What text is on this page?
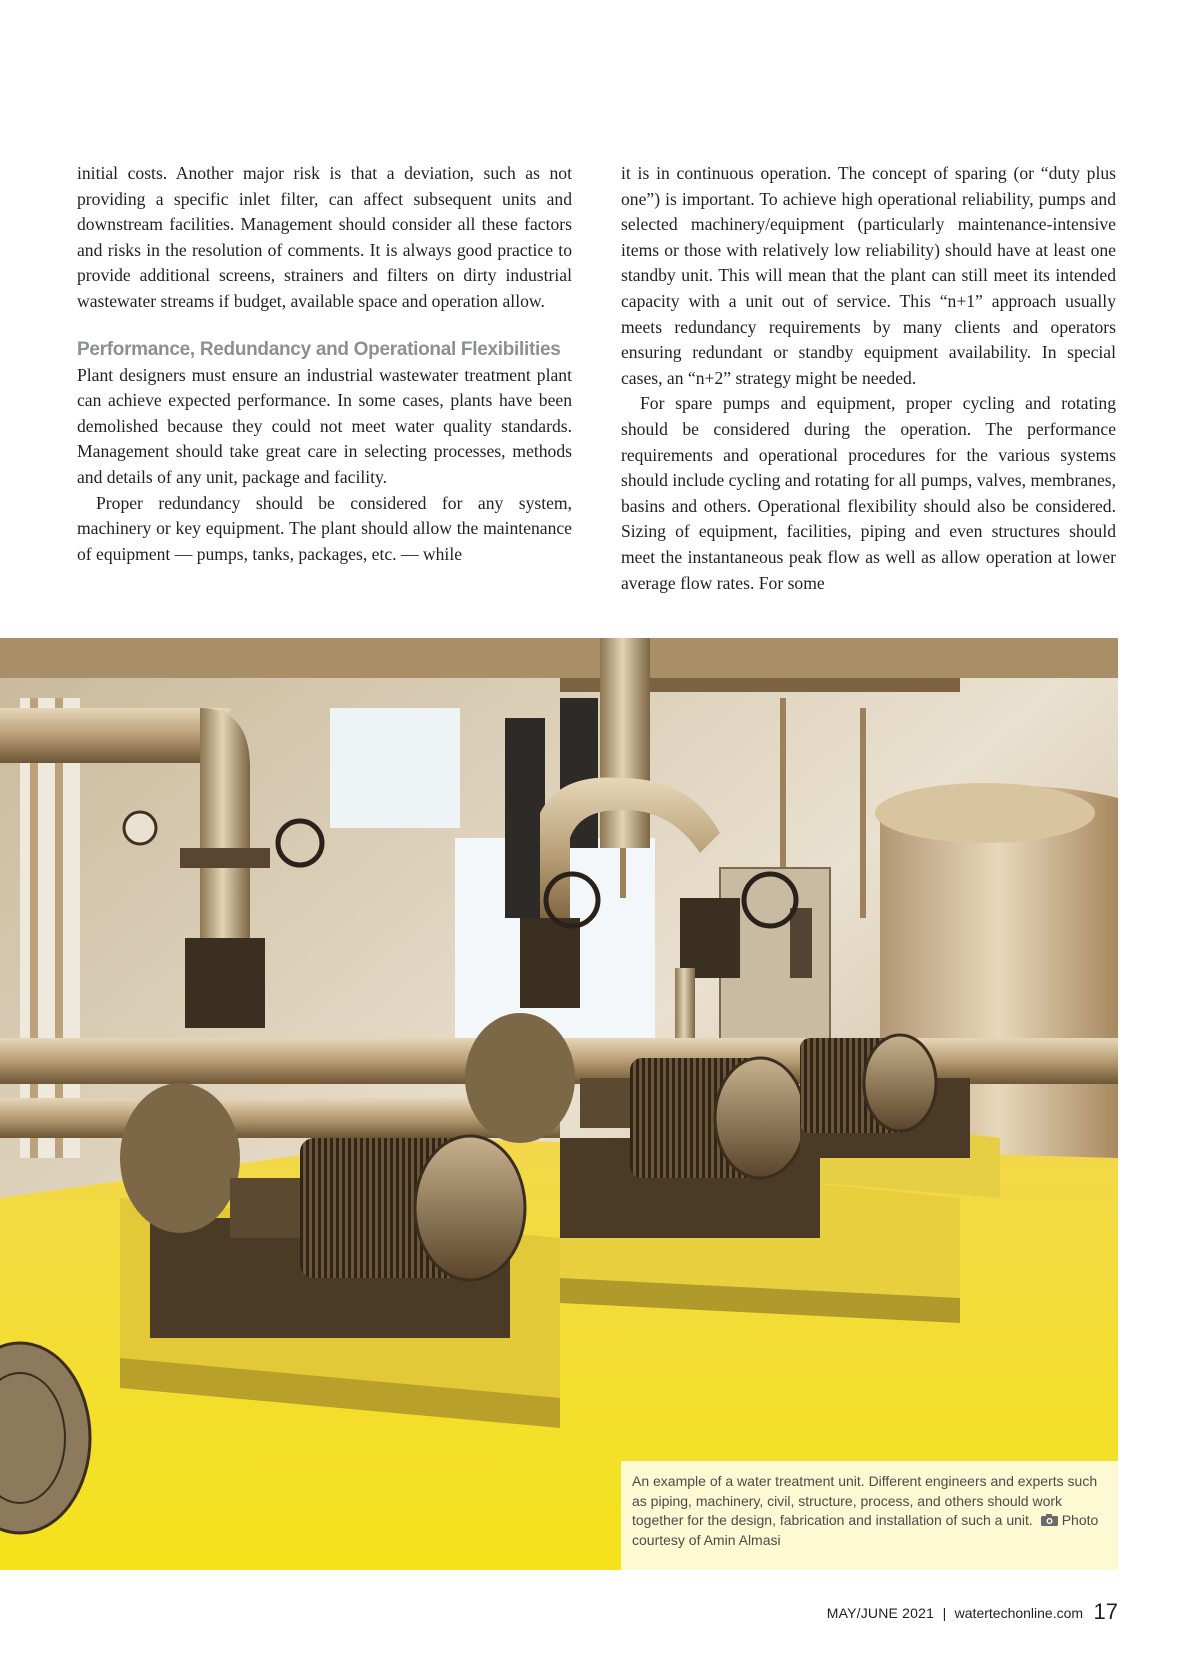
initial costs. Another major risk is that a deviation, such as not providing a specific inlet filter, can affect subsequent units and downstream facilities. Management should consider all these factors and risks in the resolution of comments. It is always good practice to provide additional screens, strainers and filters on dirty industrial wastewater streams if budget, available space and operation allow.

Performance, Redundancy and Operational Flexibilities

Plant designers must ensure an industrial wastewater treatment plant can achieve expected performance. In some cases, plants have been demolished because they could not meet water quality standards. Management should take great care in selecting processes, methods and details of any unit, package and facility.

Proper redundancy should be considered for any system, machinery or key equipment. The plant should allow the maintenance of equipment — pumps, tanks, packages, etc. — while

it is in continuous operation. The concept of sparing (or “duty plus one”) is important. To achieve high operational reliability, pumps and selected machinery/equipment (particularly maintenance-intensive items or those with relatively low reliability) should have at least one standby unit. This will mean that the plant can still meet its intended capacity with a unit out of service. This “n+1” approach usually meets redundancy requirements by many clients and operators ensuring redundant or standby equipment availability. In special cases, an “n+2” strategy might be needed.

For spare pumps and equipment, proper cycling and rotating should be considered during the operation. The performance requirements and operational procedures for the various systems should include cycling and rotating for all pumps, valves, membranes, basins and others. Operational flexibility should also be considered. Sizing of equipment, facilities, piping and even structures should meet the instantaneous peak flow as well as allow operation at lower average flow rates. For some

An example of a water treatment unit. Different engineers and experts such as piping, machinery, civil, structure, process, and others should work together for the design, fabrication and installation of such a unit. Photo courtesy of Amin Almasi
MAY/JUNE 2021 | watertechonline.com 17
